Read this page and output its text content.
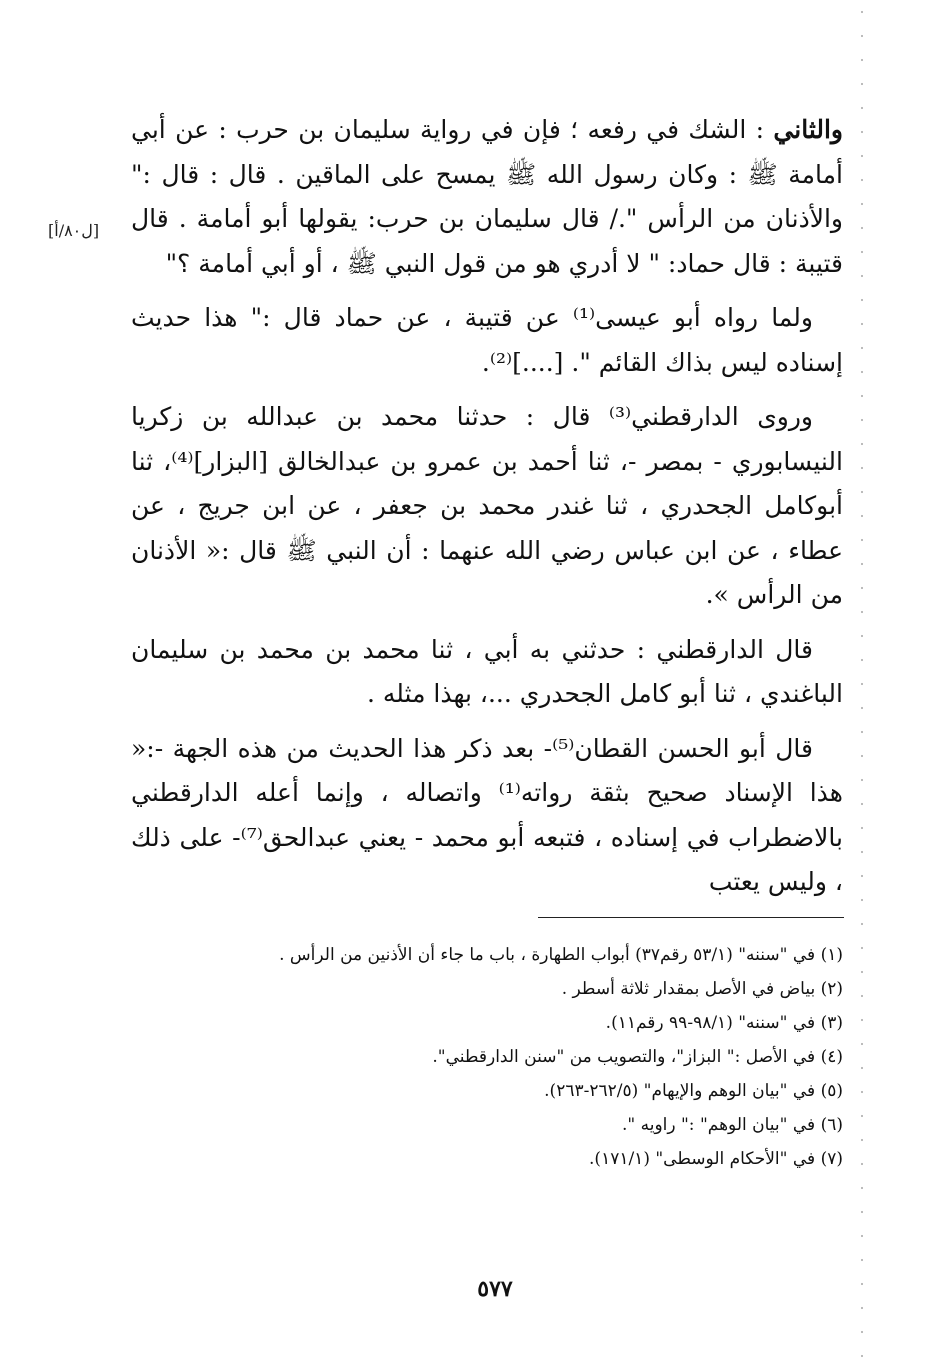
[ل٨٠/أ]

والثاني : الشك في رفعه ؛ فإن في رواية سليمان بن حرب : عن أبي أمامة ﷺ : وكان رسول الله ﷺ يمسح على الماقين . قال : قال :" والأذنان من الرأس "./ قال سليمان بن حرب: يقولها أبو أمامة . قال قتيبة : قال حماد: " لا أدري هو من قول النبي ﷺ ، أو أبي أمامة ؟"

ولما رواه أبو عيسى⁽¹⁾ عن قتيبة ، عن حماد قال :" هذا حديث إسناده ليس بذاك القائم ". [....]⁽²⁾.

وروى الدارقطني⁽³⁾ قال : حدثنا محمد بن عبدالله بن زكريا النيسابوري - بمصر -، ثنا أحمد بن عمرو بن عبدالخالق [البزار]⁽⁴⁾، ثنا أبوكامل الجحدري ، ثنا غندر محمد بن جعفر ، عن ابن جريج ، عن عطاء ، عن ابن عباس رضي الله عنهما : أن النبي ﷺ قال :« الأذنان من الرأس ».

قال الدارقطني : حدثني به أبي ، ثنا محمد بن محمد بن سليمان الباغندي ، ثنا أبو كامل الجحدري ...، بهذا مثله .

قال أبو الحسن القطان⁽⁵⁾- بعد ذكر هذا الحديث من هذه الجهة -:« هذا الإسناد صحيح بثقة رواته⁽¹⁾ واتصاله ، وإنما أعله الدارقطني بالاضطراب في إسناده ، فتبعه أبو محمد - يعني عبدالحق⁽⁷⁾- على ذلك ، وليس يعتب

(١) في "سننه" (٥٣/١ رقم٣٧) أبواب الطهارة ، باب ما جاء أن الأذنين من الرأس .
(٢) بياض في الأصل بمقدار ثلاثة أسطر .
(٣) في "سننه" (٩٨/١-٩٩ رقم١١).
(٤) في الأصل :" البزاز"، والتصويب من "سنن الدارقطني".
(٥) في "بيان الوهم والإيهام" (٢٦٢/٥-٢٦٣).
(٦) في "بيان الوهم" :" راويه ".
(٧) في "الأحكام الوسطى" (١٧١/١).
٥٧٧
